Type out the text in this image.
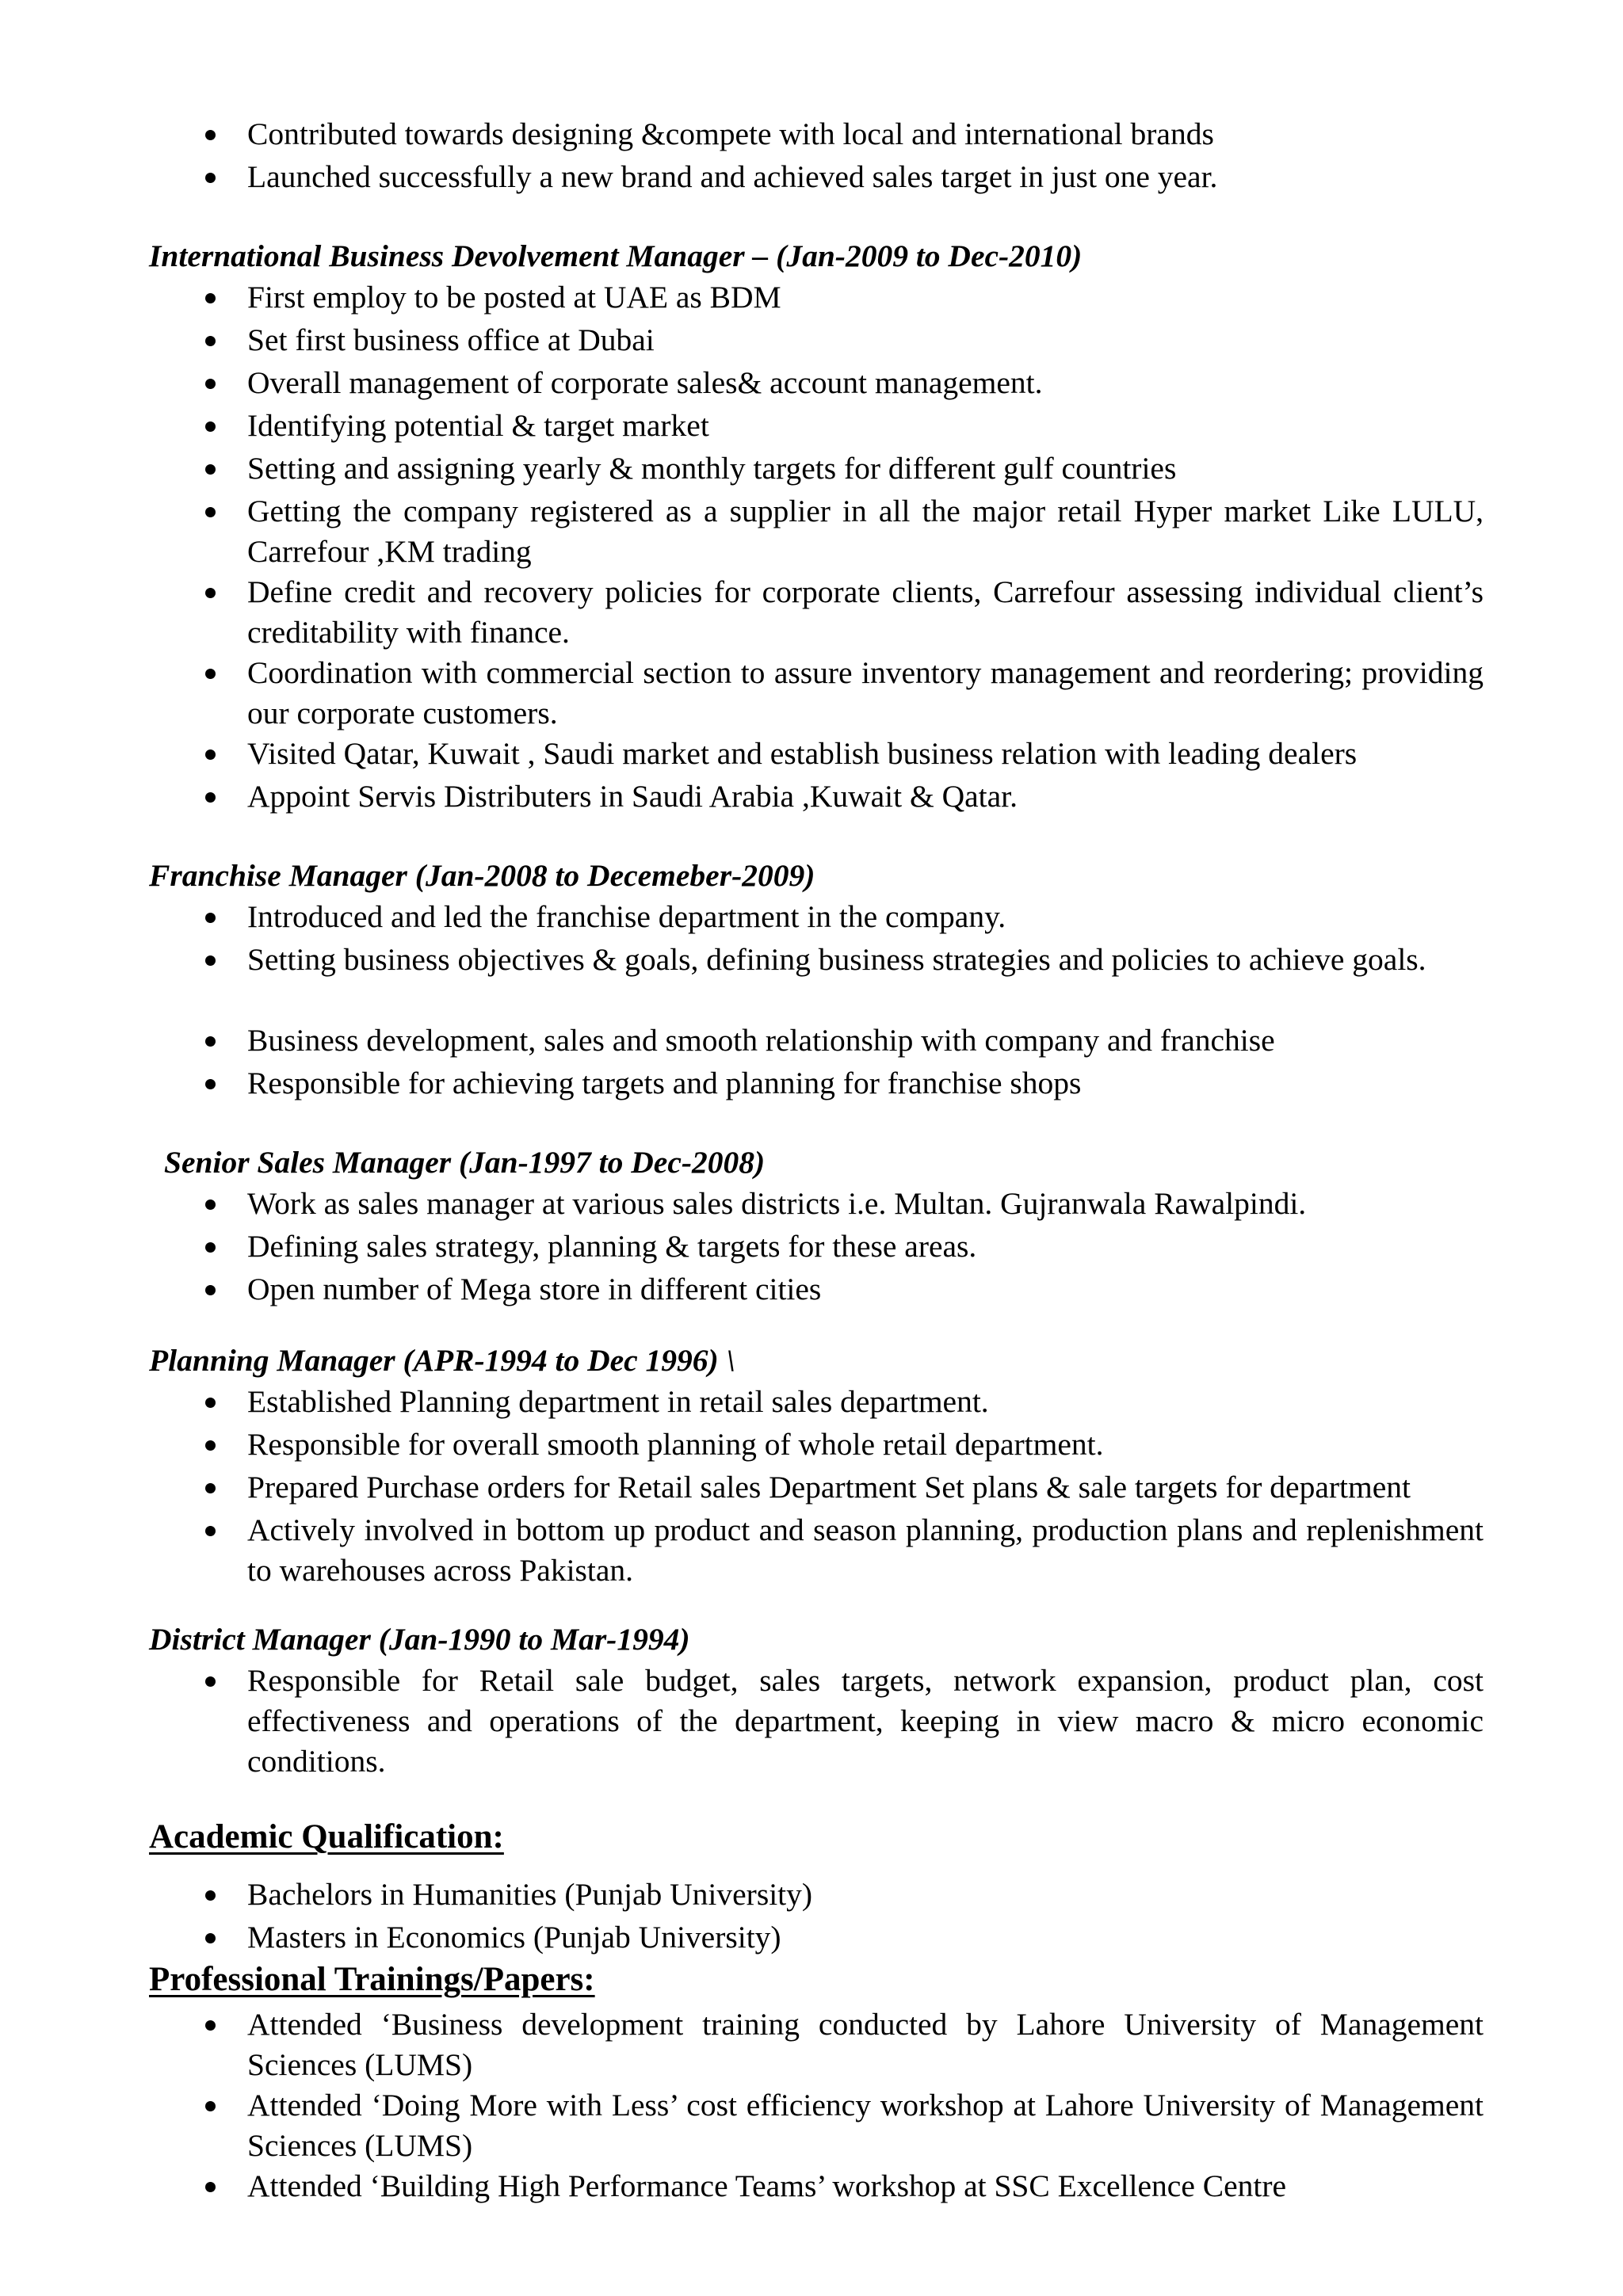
Contributed towards designing &compete with local and international brands
Launched successfully a new brand and achieved sales target in just one year.
International Business Devolvement Manager – (Jan-2009 to Dec-2010)
First employ to be posted at UAE as BDM
Set first business office at Dubai
Overall management of corporate sales& account management.
Identifying potential & target market
Setting and assigning yearly & monthly targets for different gulf countries
Getting the company registered as a supplier in all the major retail Hyper market Like LULU, Carrefour ,KM trading
Define credit and recovery policies for corporate clients, Carrefour assessing individual client’s creditability with finance.
Coordination with commercial section to assure inventory management and reordering; providing our corporate customers.
Visited Qatar, Kuwait , Saudi market and establish business relation with leading dealers
Appoint Servis Distributers in Saudi Arabia ,Kuwait & Qatar.
Franchise Manager (Jan-2008 to Decemeber-2009)
Introduced and led the franchise department in the company.
Setting business objectives & goals, defining business strategies and policies to achieve goals.
Business development, sales and smooth relationship with company and franchise
Responsible for achieving targets and planning for franchise shops
Senior Sales Manager (Jan-1997 to Dec-2008)
Work as sales manager at various sales districts i.e. Multan. Gujranwala Rawalpindi.
Defining sales strategy, planning & targets for these areas.
Open number of Mega store in different cities
Planning Manager (APR-1994 to Dec 1996) \
Established Planning department in retail sales department.
Responsible for overall smooth planning of whole retail department.
Prepared Purchase orders for Retail sales Department Set plans & sale targets for department
Actively involved in bottom up product and season planning, production plans and replenishment to warehouses across Pakistan.
District Manager (Jan-1990 to Mar-1994)
Responsible for Retail sale budget, sales targets, network expansion, product plan, cost effectiveness and operations of the department, keeping in view macro & micro economic conditions.
Academic Qualification:
Bachelors in Humanities (Punjab University)
Masters in Economics (Punjab University)
Professional Trainings/Papers:
Attended ‘Business development training conducted by Lahore University of Management Sciences (LUMS)
Attended ‘Doing More with Less’ cost efficiency workshop at Lahore University of Management Sciences (LUMS)
Attended ‘Building High Performance Teams’ workshop at SSC Excellence Centre
